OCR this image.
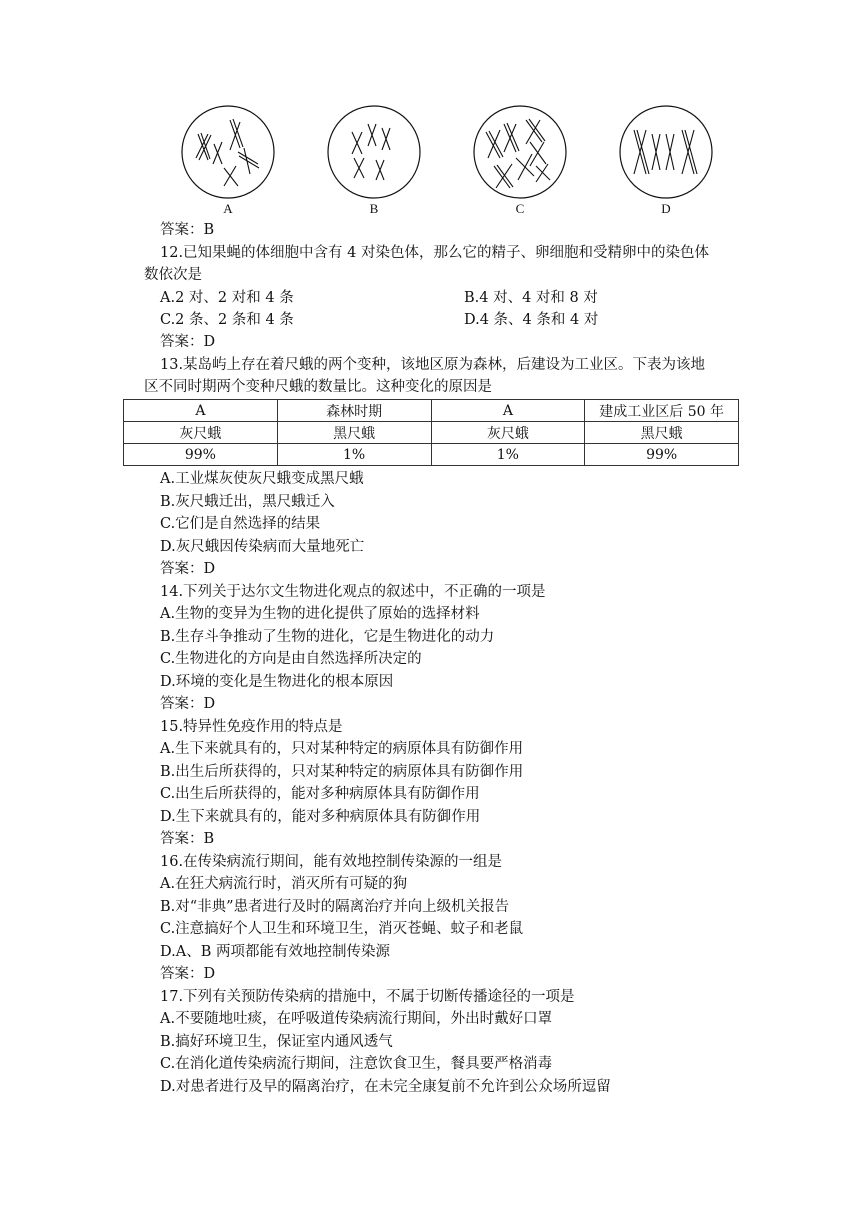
A	B	C	D
答案：B
12.已知果蝇的体细胞中含有 4 对染色体，那么它的精子、卵细胞和受精卵中的染色体
数依次是
A.2 对、2 对和 4 条	B.4 对、4 对和 8 对
C.2 条、2 条和 4 条	D.4 条、4 条和 4 对
答案：D
13.某岛屿上存在着尺蛾的两个变种，该地区原为森林，后建设为工业区。下表为该地
区不同时期两个变种尺蛾的数量比。这种变化的原因是
A	森林时期	A	建成工业区后 50 年
灰尺蛾	黑尺蛾	灰尺蛾	黑尺蛾
99%	1%	1%	99%
A.工业煤灰使灰尺蛾变成黑尺蛾
B.灰尺蛾迁出，黑尺蛾迁入
C.它们是自然选择的结果
D.灰尺蛾因传染病而大量地死亡
答案：D
14.下列关于达尔文生物进化观点的叙述中，不正确的一项是
A.生物的变异为生物的进化提供了原始的选择材料
B.生存斗争推动了生物的进化，它是生物进化的动力
C.生物进化的方向是由自然选择所决定的
D.环境的变化是生物进化的根本原因
答案：D
15.特异性免疫作用的特点是
A.生下来就具有的，只对某种特定的病原体具有防御作用
B.出生后所获得的，只对某种特定的病原体具有防御作用
C.出生后所获得的，能对多种病原体具有防御作用
D.生下来就具有的，能对多种病原体具有防御作用
答案：B
16.在传染病流行期间，能有效地控制传染源的一组是
A.在狂犬病流行时，消灭所有可疑的狗
B.对“非典”患者进行及时的隔离治疗并向上级机关报告
C.注意搞好个人卫生和环境卫生，消灭苍蝇、蚊子和老鼠
D.A、B 两项都能有效地控制传染源
答案：D
17.下列有关预防传染病的措施中，不属于切断传播途径的一项是
A.不要随地吐痰，在呼吸道传染病流行期间，外出时戴好口罩
B.搞好环境卫生，保证室内通风透气
C.在消化道传染病流行期间，注意饮食卫生，餐具要严格消毒
D.对患者进行及早的隔离治疗，在未完全康复前不允许到公众场所逗留
